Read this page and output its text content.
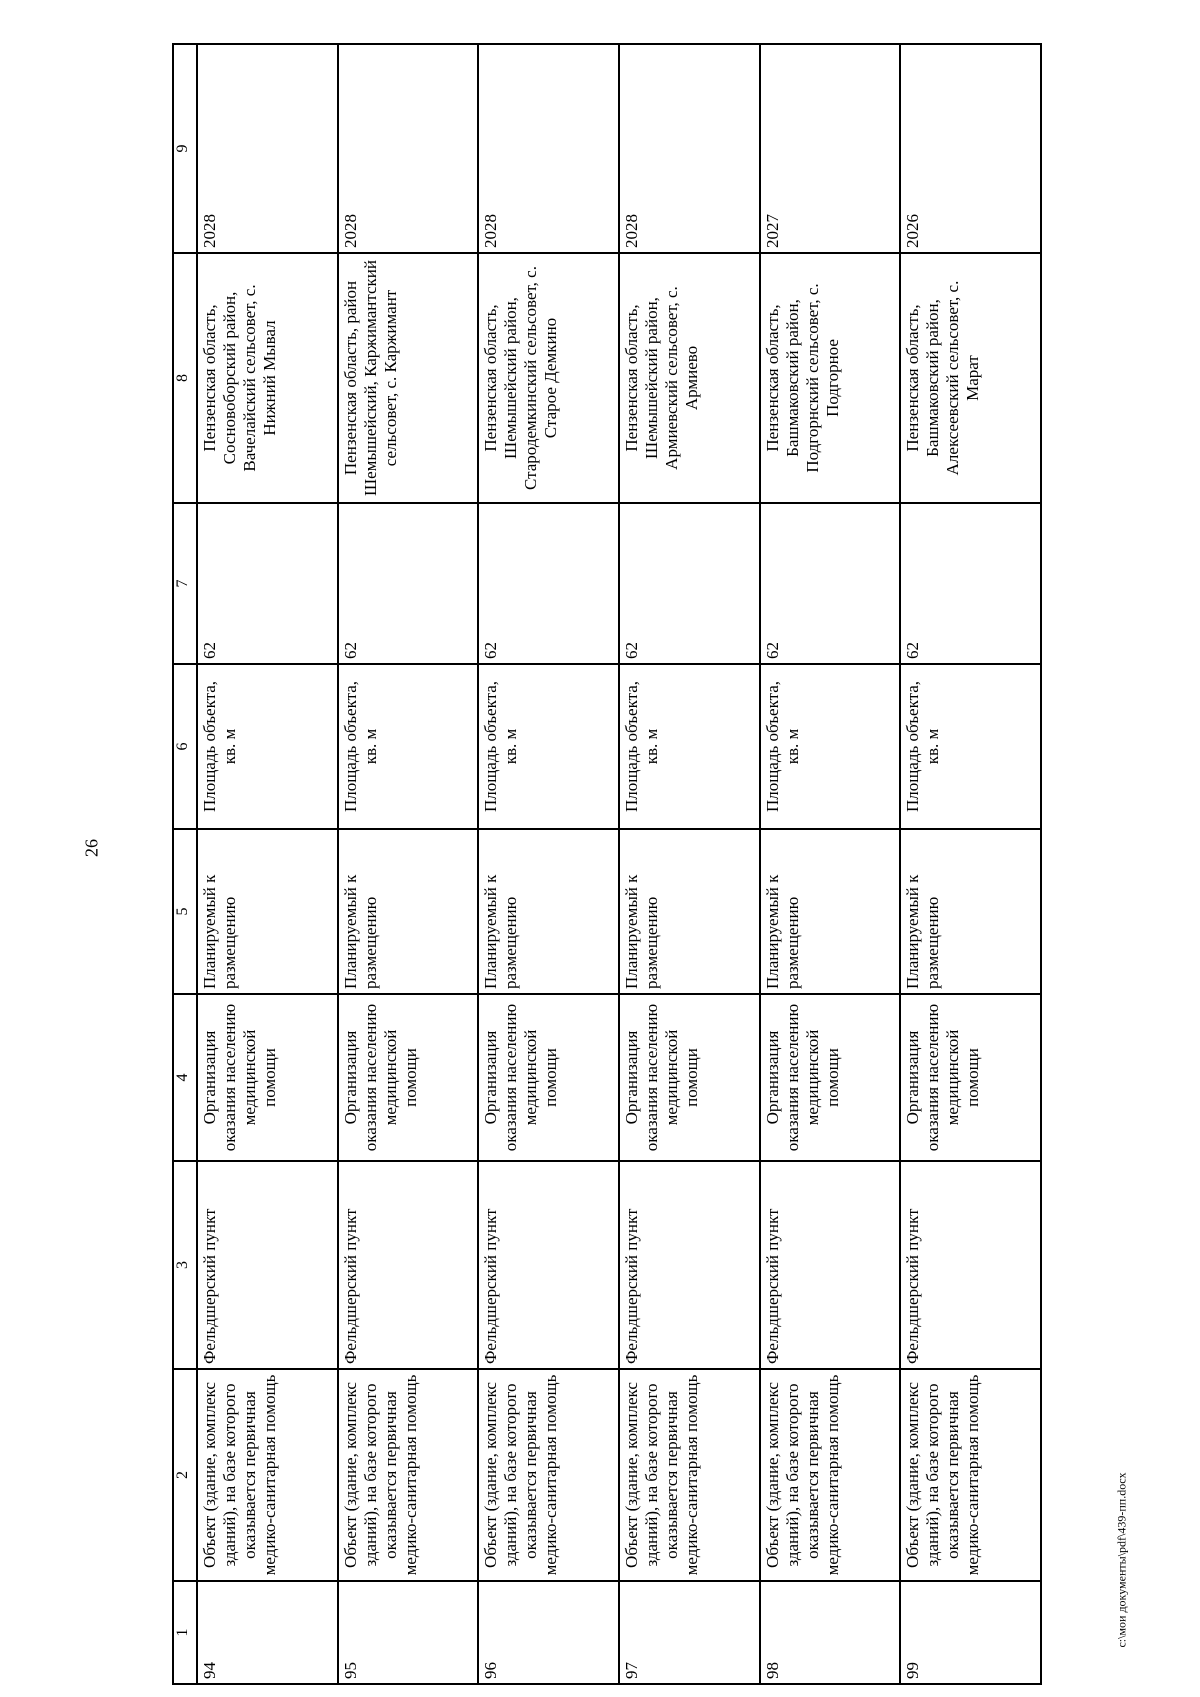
26
1	2	3	4	5	6	7	8	9
94	Объект (здание, комплекс зданий), на базе которого оказывается первичная медико-санитарная помощь	Фельдшерский пункт	Организация оказания населению медицинской помощи	Планируемый к размещению	Площадь объекта, кв. м	62	Пензенская область, Сосновоборский район, Вачелайский сельсовет, с. Нижний Мывал	2028
95	Объект (здание, комплекс зданий), на базе которого оказывается первичная медико-санитарная помощь	Фельдшерский пункт	Организация оказания населению медицинской помощи	Планируемый к размещению	Площадь объекта, кв. м	62	Пензенская область, район Шемышейский, Каржимантский сельсовет, с. Каржимант	2028
96	Объект (здание, комплекс зданий), на базе которого оказывается первичная медико-санитарная помощь	Фельдшерский пункт	Организация оказания населению медицинской помощи	Планируемый к размещению	Площадь объекта, кв. м	62	Пензенская область, Шемышейский район, Стародемкинский сельсовет, с. Старое Демкино	2028
97	Объект (здание, комплекс зданий), на базе которого оказывается первичная медико-санитарная помощь	Фельдшерский пункт	Организация оказания населению медицинской помощи	Планируемый к размещению	Площадь объекта, кв. м	62	Пензенская область, Шемышейский район, Армиевский сельсовет, с. Армиево	2028
98	Объект (здание, комплекс зданий), на базе которого оказывается первичная медико-санитарная помощь	Фельдшерский пункт	Организация оказания населению медицинской помощи	Планируемый к размещению	Площадь объекта, кв. м	62	Пензенская область, Башмаковский район, Подгорнский сельсовет, с. Подгорное	2027
99	Объект (здание, комплекс зданий), на базе которого оказывается первичная медико-санитарная помощь	Фельдшерский пункт	Организация оказания населению медицинской помощи	Планируемый к размещению	Площадь объекта, кв. м	62	Пензенская область, Башмаковский район, Алексеевский сельсовет, с. Марат	2026
c:\мои документы\pdf\439-пп.docx
